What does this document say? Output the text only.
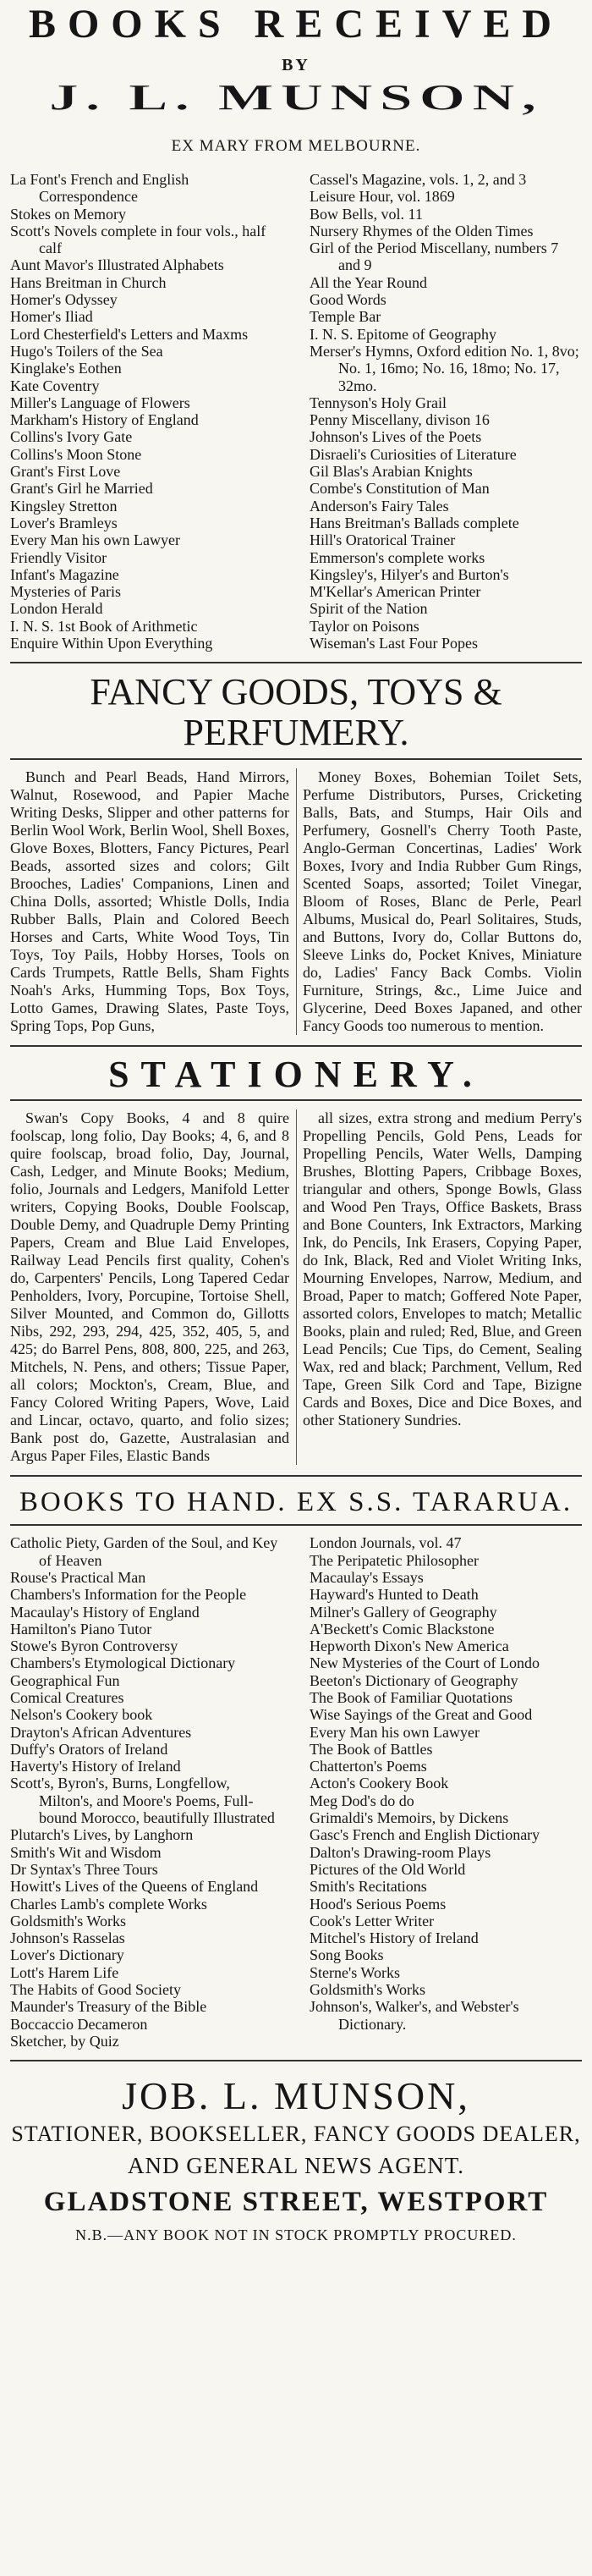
BOOKS RECEIVED
BY
J. L. MUNSON,
EX MARY FROM MELBOURNE.
La Font's French and English Correspondence
Stokes on Memory
Scott's Novels complete in four vols., half calf
Aunt Mavor's Illustrated Alphabets
Hans Breitman in Church
Homer's Odyssey
Homer's Iliad
Lord Chesterfield's Letters and Maxms
Hugo's Toilers of the Sea
Kinglake's Eothen
Kate Coventry
Miller's Language of Flowers
Markham's History of England
Collins's Ivory Gate
Collins's Moon Stone
Grant's First Love
Grant's Girl he Married
Kingsley Stretton
Lover's Bramleys
Every Man his own Lawyer
Friendly Visitor
Infant's Magazine
Mysteries of Paris
London Herald
I. N. S. 1st Book of Arithmetic
Enquire Within Upon Everything
Cassel's Magazine, vols. 1, 2, and 3
Leisure Hour, vol. 1869
Bow Bells, vol. 11
Nursery Rhymes of the Olden Times
Girl of the Period Miscellany, numbers 7 and 9
All the Year Round
Good Words
Temple Bar
I. N. S. Epitome of Geography
Merser's Hymns, Oxford edition No. 1, 8vo; No. 1, 16mo; No. 16, 18mo; No. 17, 32mo.
Tennyson's Holy Grail
Penny Miscellany, divison 16
Johnson's Lives of the Poets
Disraeli's Curiosities of Literature
Gil Blas's Arabian Knights
Combe's Constitution of Man
Anderson's Fairy Tales
Hans Breitman's Ballads complete
Hill's Oratorical Trainer
Emmerson's complete works
Kingsley's, Hilyer's and Burton's
M'Kellar's American Printer
Spirit of the Nation
Taylor on Poisons
Wiseman's Last Four Popes
FANCY GOODS, TOYS & PERFUMERY.
Bunch and Pearl Beads, Hand Mirrors, Walnut, Rosewood, and Papier Mache Writing Desks, Slipper and other patterns for Berlin Wool Work, Berlin Wool, Shell Boxes, Glove Boxes, Blotters, Fancy Pictures, Pearl Beads, assorted sizes and colors; Gilt Brooches, Ladies' Companions, Linen and China Dolls, assorted; Whistle Dolls, India Rubber Balls, Plain and Colored Beech Horses and Carts, White Wood Toys, Tin Toys, Toy Pails, Hobby Horses, Tools on Cards Trumpets, Rattle Bells, Sham Fights Noah's Arks, Humming Tops, Box Toys, Lotto Games, Drawing Slates, Paste Toys, Spring Tops, Pop Guns,
Money Boxes, Bohemian Toilet Sets, Perfume Distributors, Purses, Cricketing Balls, Bats, and Stumps, Hair Oils and Perfumery, Gosnell's Cherry Tooth Paste, Anglo-German Concertinas, Ladies' Work Boxes, Ivory and India Rubber Gum Rings, Scented Soaps, assorted; Toilet Vinegar, Bloom of Roses, Blanc de Perle, Pearl Albums, Musical do, Pearl Solitaires, Studs, and Buttons, Ivory do, Collar Buttons do, Sleeve Links do, Pocket Knives, Miniature do, Ladies' Fancy Back Combs. Violin Furniture, Strings, &c., Lime Juice and Glycerine, Deed Boxes Japaned, and other Fancy Goods too numerous to mention.
STATIONERY.
Swan's Copy Books, 4 and 8 quire foolscap, long folio, Day Books; 4, 6, and 8 quire foolscap, broad folio, Day, Journal, Cash, Ledger, and Minute Books; Medium, folio, Journals and Ledgers, Manifold Letter writers, Copying Books, Double Foolscap, Double Demy, and Quadruple Demy Printing Papers, Cream and Blue Laid Envelopes, Railway Lead Pencils first quality, Cohen's do, Carpenters' Pencils, Long Tapered Cedar Penholders, Ivory, Porcupine, Tortoise Shell, Silver Mounted, and Common do, Gillotts Nibs, 292, 293, 294, 425, 352, 405, 5, and 425; do Barrel Pens, 808, 800, 225, and 263, Mitchels, N. Pens, and others; Tissue Paper, all colors; Mockton's, Cream, Blue, and Fancy Colored Writing Papers, Wove, Laid and Lincar, octavo, quarto, and folio sizes; Bank post do, Gazette, Australasian and Argus Paper Files, Elastic Bands
all sizes, extra strong and medium Perry's Propelling Pencils, Gold Pens, Leads for Propelling Pencils, Water Wells, Damping Brushes, Blotting Papers, Cribbage Boxes, triangular and others, Sponge Bowls, Glass and Wood Pen Trays, Office Baskets, Brass and Bone Counters, Ink Extractors, Marking Ink, do Pencils, Ink Erasers, Copying Paper, do Ink, Black, Red and Violet Writing Inks, Mourning Envelopes, Narrow, Medium, and Broad, Paper to match; Goffered Note Paper, assorted colors, Envelopes to match; Metallic Books, plain and ruled; Red, Blue, and Green Lead Pencils; Cue Tips, do Cement, Sealing Wax, red and black; Parchment, Vellum, Red Tape, Green Silk Cord and Tape, Bizigne Cards and Boxes, Dice and Dice Boxes, and other Stationery Sundries.
BOOKS TO HAND. EX S.S. TARARUA.
Catholic Piety, Garden of the Soul, and Key of Heaven
Rouse's Practical Man
Chambers's Information for the People
Macaulay's History of England
Hamilton's Piano Tutor
Stowe's Byron Controversy
Chambers's Etymological Dictionary
Geographical Fun
Comical Creatures
Nelson's Cookery book
Drayton's African Adventures
Duffy's Orators of Ireland
Haverty's History of Ireland
Scott's, Byron's, Burns, Longfellow, Milton's, and Moore's Poems, Full-bound Morocco, beautifully Illustrated
Plutarch's Lives, by Langhorn
Smith's Wit and Wisdom
Dr Syntax's Three Tours
Howitt's Lives of the Queens of England
Charles Lamb's complete Works
Goldsmith's Works
Johnson's Rasselas
Lover's Dictionary
Lott's Harem Life
The Habits of Good Society
Maunder's Treasury of the Bible
Boccaccio Decameron
Sketcher, by Quiz
London Journals, vol. 47
The Peripatetic Philosopher
Macaulay's Essays
Hayward's Hunted to Death
Milner's Gallery of Geography
A'Beckett's Comic Blackstone
Hepworth Dixon's New America
New Mysteries of the Court of Londo
Beeton's Dictionary of Geography
The Book of Familiar Quotations
Wise Sayings of the Great and Good
Every Man his own Lawyer
The Book of Battles
Chatterton's Poems
Acton's Cookery Book
Meg Dod's do do
Grimaldi's Memoirs, by Dickens
Gasc's French and English Dictionary
Dalton's Drawing-room Plays
Pictures of the Old World
Smith's Recitations
Hood's Serious Poems
Cook's Letter Writer
Mitchel's History of Ireland
Song Books
Sterne's Works
Goldsmith's Works
Johnson's, Walker's, and Webster's Dictionary.
JOB. L. MUNSON,
STATIONER, BOOKSELLER, FANCY GOODS DEALER,
AND GENERAL NEWS AGENT.
GLADSTONE STREET, WESTPORT
N.B.—ANY BOOK NOT IN STOCK PROMPTLY PROCURED.
